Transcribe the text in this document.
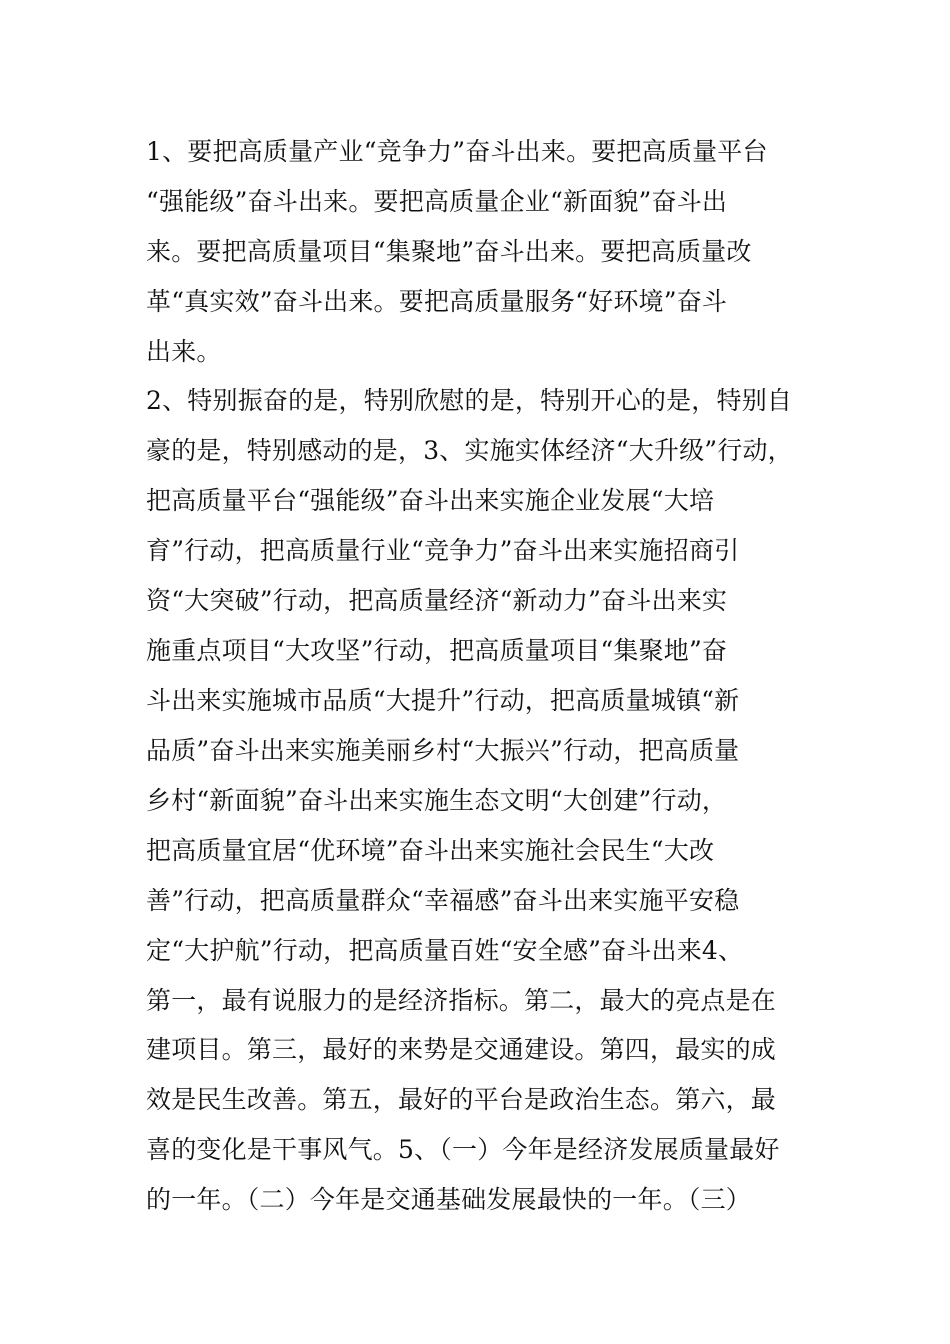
1、要把高质量产业“竞争力”奋斗出来。要把高质量平台
“强能级”奋斗出来。要把高质量企业“新面貌”奋斗出
来。要把高质量项目“集聚地”奋斗出来。要把高质量改
革“真实效”奋斗出来。要把高质量服务“好环境”奋斗
出来。
2、特别振奋的是，特别欣慰的是，特别开心的是，特别自
豪的是，特别感动的是，3、实施实体经济“大升级”行动，
把高质量平台“强能级”奋斗出来实施企业发展“大培
育”行动，把高质量行业“竞争力”奋斗出来实施招商引
资“大突破”行动，把高质量经济“新动力”奋斗出来实
施重点项目“大攻坚”行动，把高质量项目“集聚地”奋
斗出来实施城市品质“大提升”行动，把高质量城镇“新
品质”奋斗出来实施美丽乡村“大振兴”行动，把高质量
乡村“新面貌”奋斗出来实施生态文明“大创建”行动，
把高质量宜居“优环境”奋斗出来实施社会民生“大改
善”行动，把高质量群众“幸福感”奋斗出来实施平安稳
定“大护航”行动，把高质量百姓“安全感”奋斗出来4、
第一，最有说服力的是经济指标。第二，最大的亮点是在
建项目。第三，最好的来势是交通建设。第四，最实的成
效是民生改善。第五，最好的平台是政治生态。第六，最
喜的变化是干事风气。5、（一）今年是经济发展质量最好
的一年。（二）今年是交通基础发展最快的一年。（三）
